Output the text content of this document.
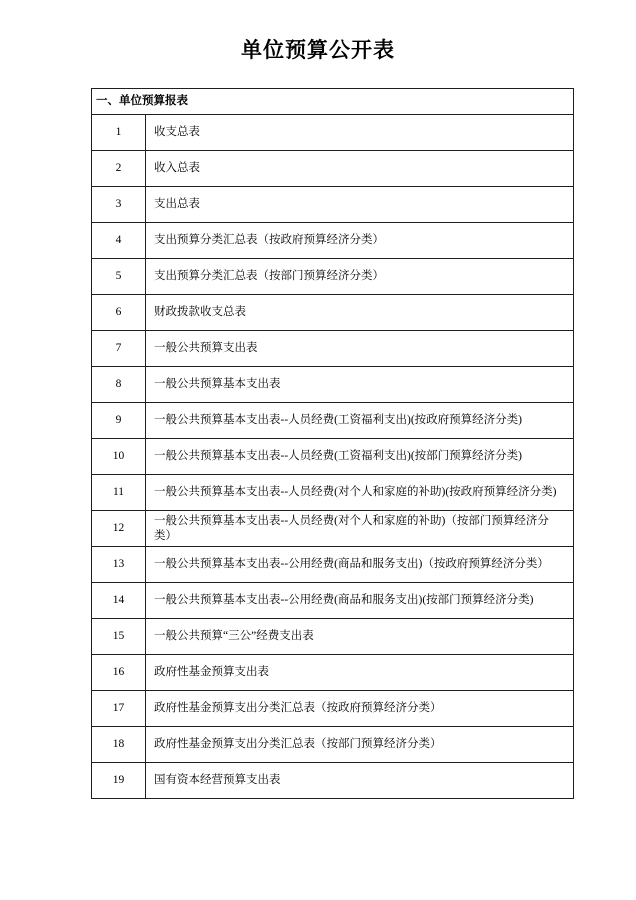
单位预算公开表
一、单位预算报表	
1	收支总表
2	收入总表
3	支出总表
4	支出预算分类汇总表（按政府预算经济分类）
5	支出预算分类汇总表（按部门预算经济分类）
6	财政拨款收支总表
7	一般公共预算支出表
8	一般公共预算基本支出表
9	一般公共预算基本支出表--人员经费(工资福利支出)(按政府预算经济分类)
10	一般公共预算基本支出表--人员经费(工资福利支出)(按部门预算经济分类)
11	一般公共预算基本支出表--人员经费(对个人和家庭的补助)(按政府预算经济分类)
12	一般公共预算基本支出表--人员经费(对个人和家庭的补助)（按部门预算经济分类）
13	一般公共预算基本支出表--公用经费(商品和服务支出)（按政府预算经济分类）
14	一般公共预算基本支出表--公用经费(商品和服务支出)(按部门预算经济分类)
15	一般公共预算“三公”经费支出表
16	政府性基金预算支出表
17	政府性基金预算支出分类汇总表（按政府预算经济分类）
18	政府性基金预算支出分类汇总表（按部门预算经济分类）
19	国有资本经营预算支出表
